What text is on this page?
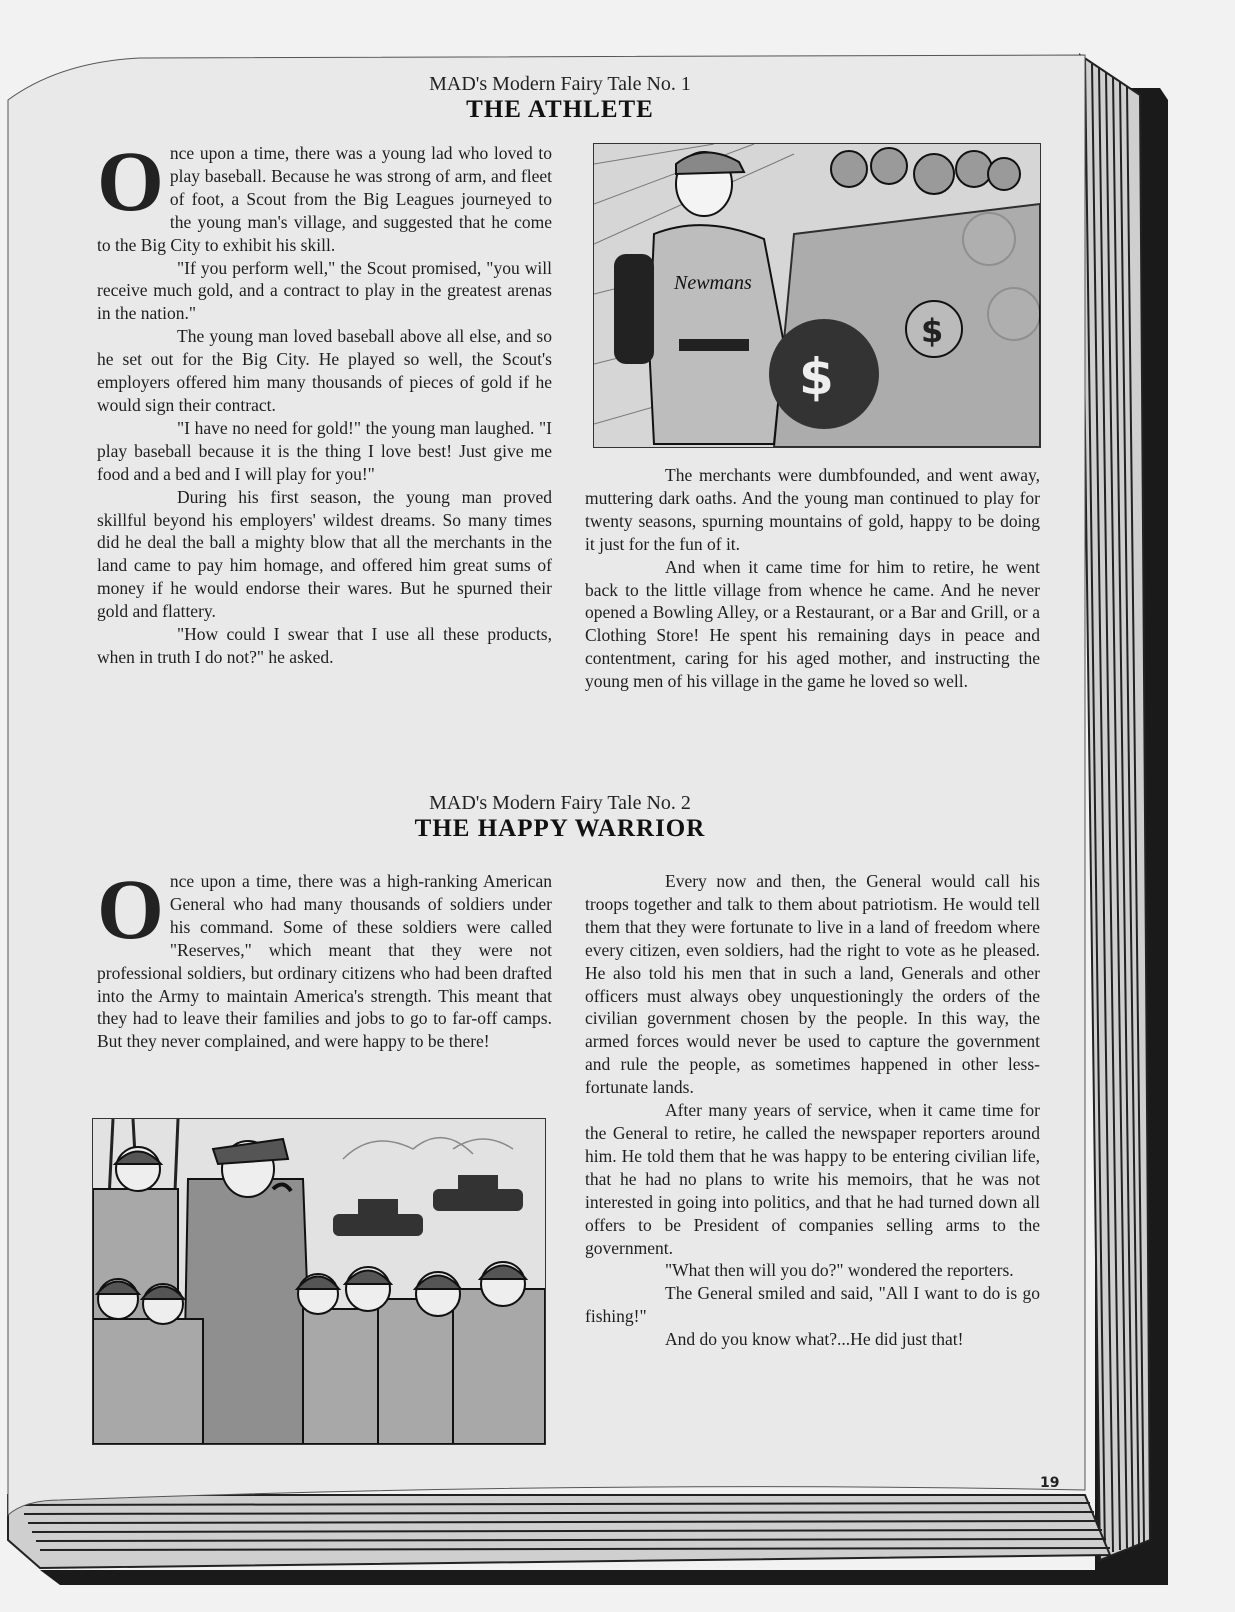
MAD's Modern Fairy Tale No. 1
THE ATHLETE
O nce upon a time, there was a young lad who loved to play baseball. Because he was strong of arm, and fleet of foot, a Scout from the Big Leagues journeyed to the young man's village, and suggested that he come to the Big City to exhibit his skill.

"If you perform well," the Scout promised, "you will receive much gold, and a contract to play in the greatest arenas in the nation."

The young man loved baseball above all else, and so he set out for the Big City. He played so well, the Scout's employers offered him many thousands of pieces of gold if he would sign their contract.

"I have no need for gold!" the young man laughed. "I play baseball because it is the thing I love best! Just give me food and a bed and I will play for you!"

During his first season, the young man proved skillful beyond his employers' wildest dreams. So many times did he deal the ball a mighty blow that all the merchants in the land came to pay him homage, and offered him great sums of money if he would endorse their wares. But he spurned their gold and flattery.

"How could I swear that I use all these products, when in truth I do not?" he asked.

Newmans
$
$

The merchants were dumbfounded, and went away, muttering dark oaths. And the young man continued to play for twenty seasons, spurning mountains of gold, happy to be doing it just for the fun of it.

And when it came time for him to retire, he went back to the little village from whence he came. And he never opened a Bowling Alley, or a Restaurant, or a Bar and Grill, or a Clothing Store! He spent his remaining days in peace and contentment, caring for his aged mother, and instructing the young men of his village in the game he loved so well.

MAD's Modern Fairy Tale No. 2
THE HAPPY WARRIOR
O nce upon a time, there was a high-ranking American General who had many thousands of soldiers under his command. Some of these soldiers were called "Reserves," which meant that they were not professional soldiers, but ordinary citizens who had been drafted into the Army to maintain America's strength. This meant that they had to leave their families and jobs to go to far-off camps. But they never complained, and were happy to be there!

Every now and then, the General would call his troops together and talk to them about patriotism. He would tell them that they were fortunate to live in a land of freedom where every citizen, even soldiers, had the right to vote as he pleased. He also told his men that in such a land, Generals and other officers must always obey unquestioningly the orders of the civilian government chosen by the people. In this way, the armed forces would never be used to capture the government and rule the people, as sometimes happened in other less-fortunate lands.

After many years of service, when it came time for the General to retire, he called the newspaper reporters around him. He told them that he was happy to be entering civilian life, that he had no plans to write his memoirs, that he was not interested in going into politics, and that he had turned down all offers to be President of companies selling arms to the government.

"What then will you do?" wondered the reporters.

The General smiled and said, "All I want to do is go fishing!"

And do you know what?...He did just that!

19
